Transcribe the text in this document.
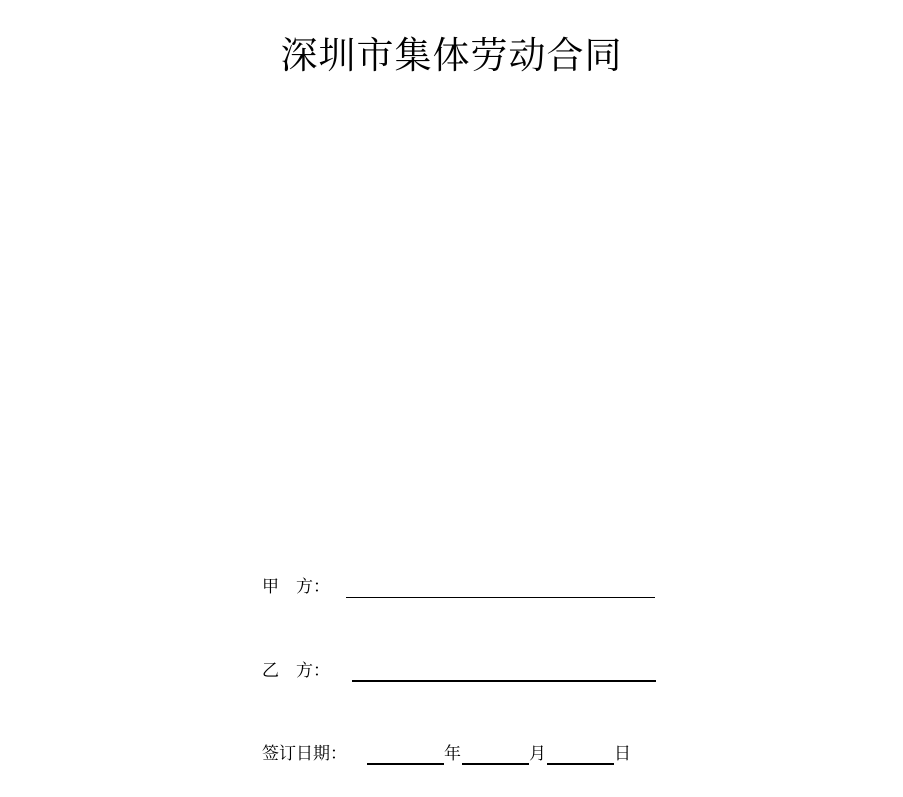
深圳市集体劳动合同
甲　方：
乙　方：
签订日期：	年	月	日
